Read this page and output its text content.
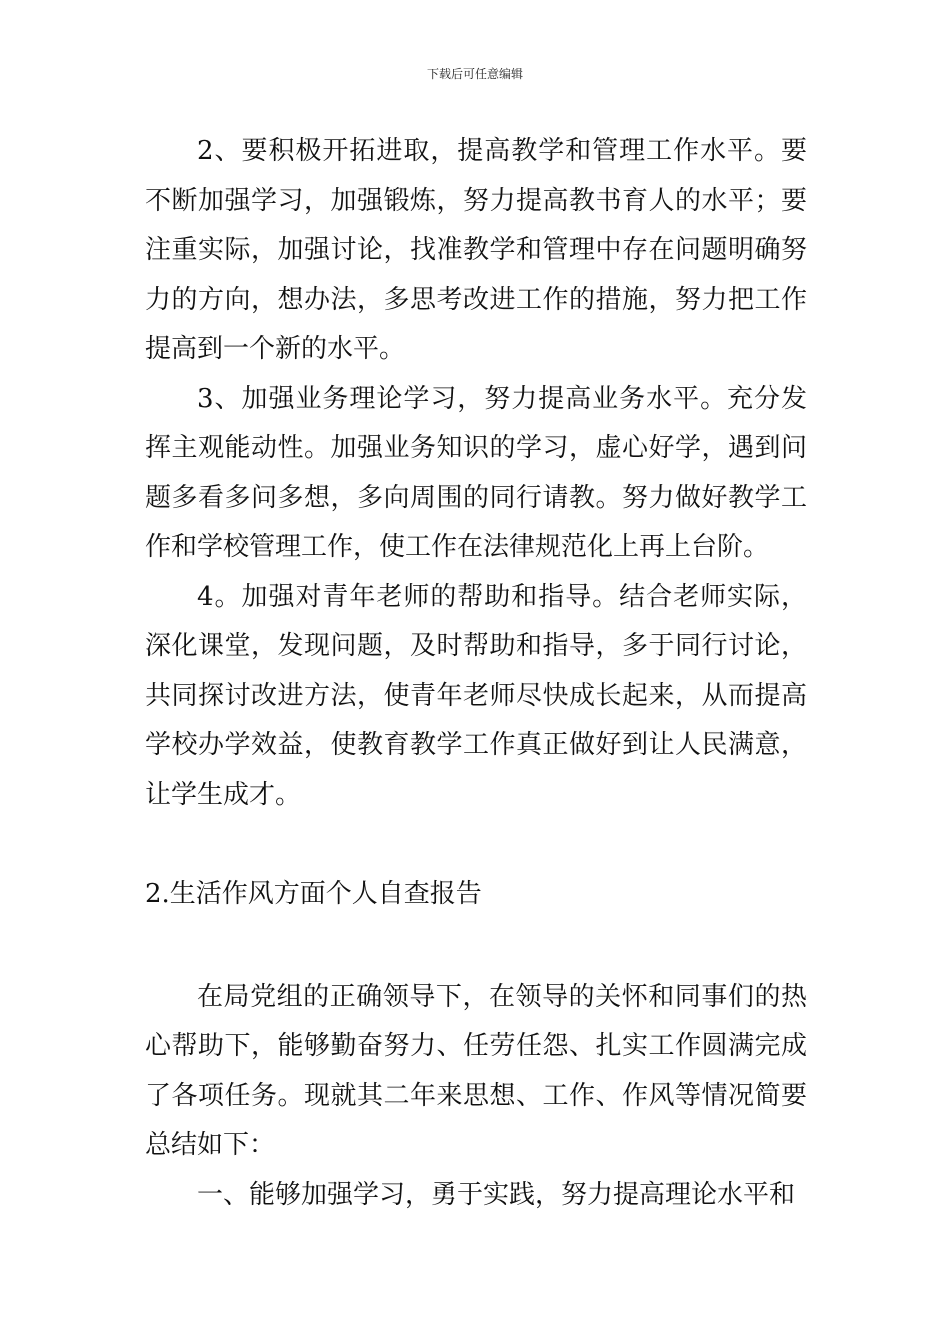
下载后可任意编辑

2、要积极开拓进取，提高教学和管理工作水平。要不断加强学习，加强锻炼，努力提高教书育人的水平；要注重实际，加强讨论，找准教学和管理中存在问题明确努力的方向，想办法，多思考改进工作的措施，努力把工作提高到一个新的水平。

3、加强业务理论学习，努力提高业务水平。充分发挥主观能动性。加强业务知识的学习，虚心好学，遇到问题多看多问多想，多向周围的同行请教。努力做好教学工作和学校管理工作，使工作在法律规范化上再上台阶。

4。加强对青年老师的帮助和指导。结合老师实际，深化课堂，发现问题，及时帮助和指导，多于同行讨论，共同探讨改进方法，使青年老师尽快成长起来，从而提高学校办学效益，使教育教学工作真正做好到让人民满意，让学生成才。

2.生活作风方面个人自查报告

在局党组的正确领导下，在领导的关怀和同事们的热心帮助下，能够勤奋努力、任劳任怨、扎实工作圆满完成了各项任务。现就其二年来思想、工作、作风等情况简要总结如下：

一、能够加强学习，勇于实践，努力提高理论水平和
